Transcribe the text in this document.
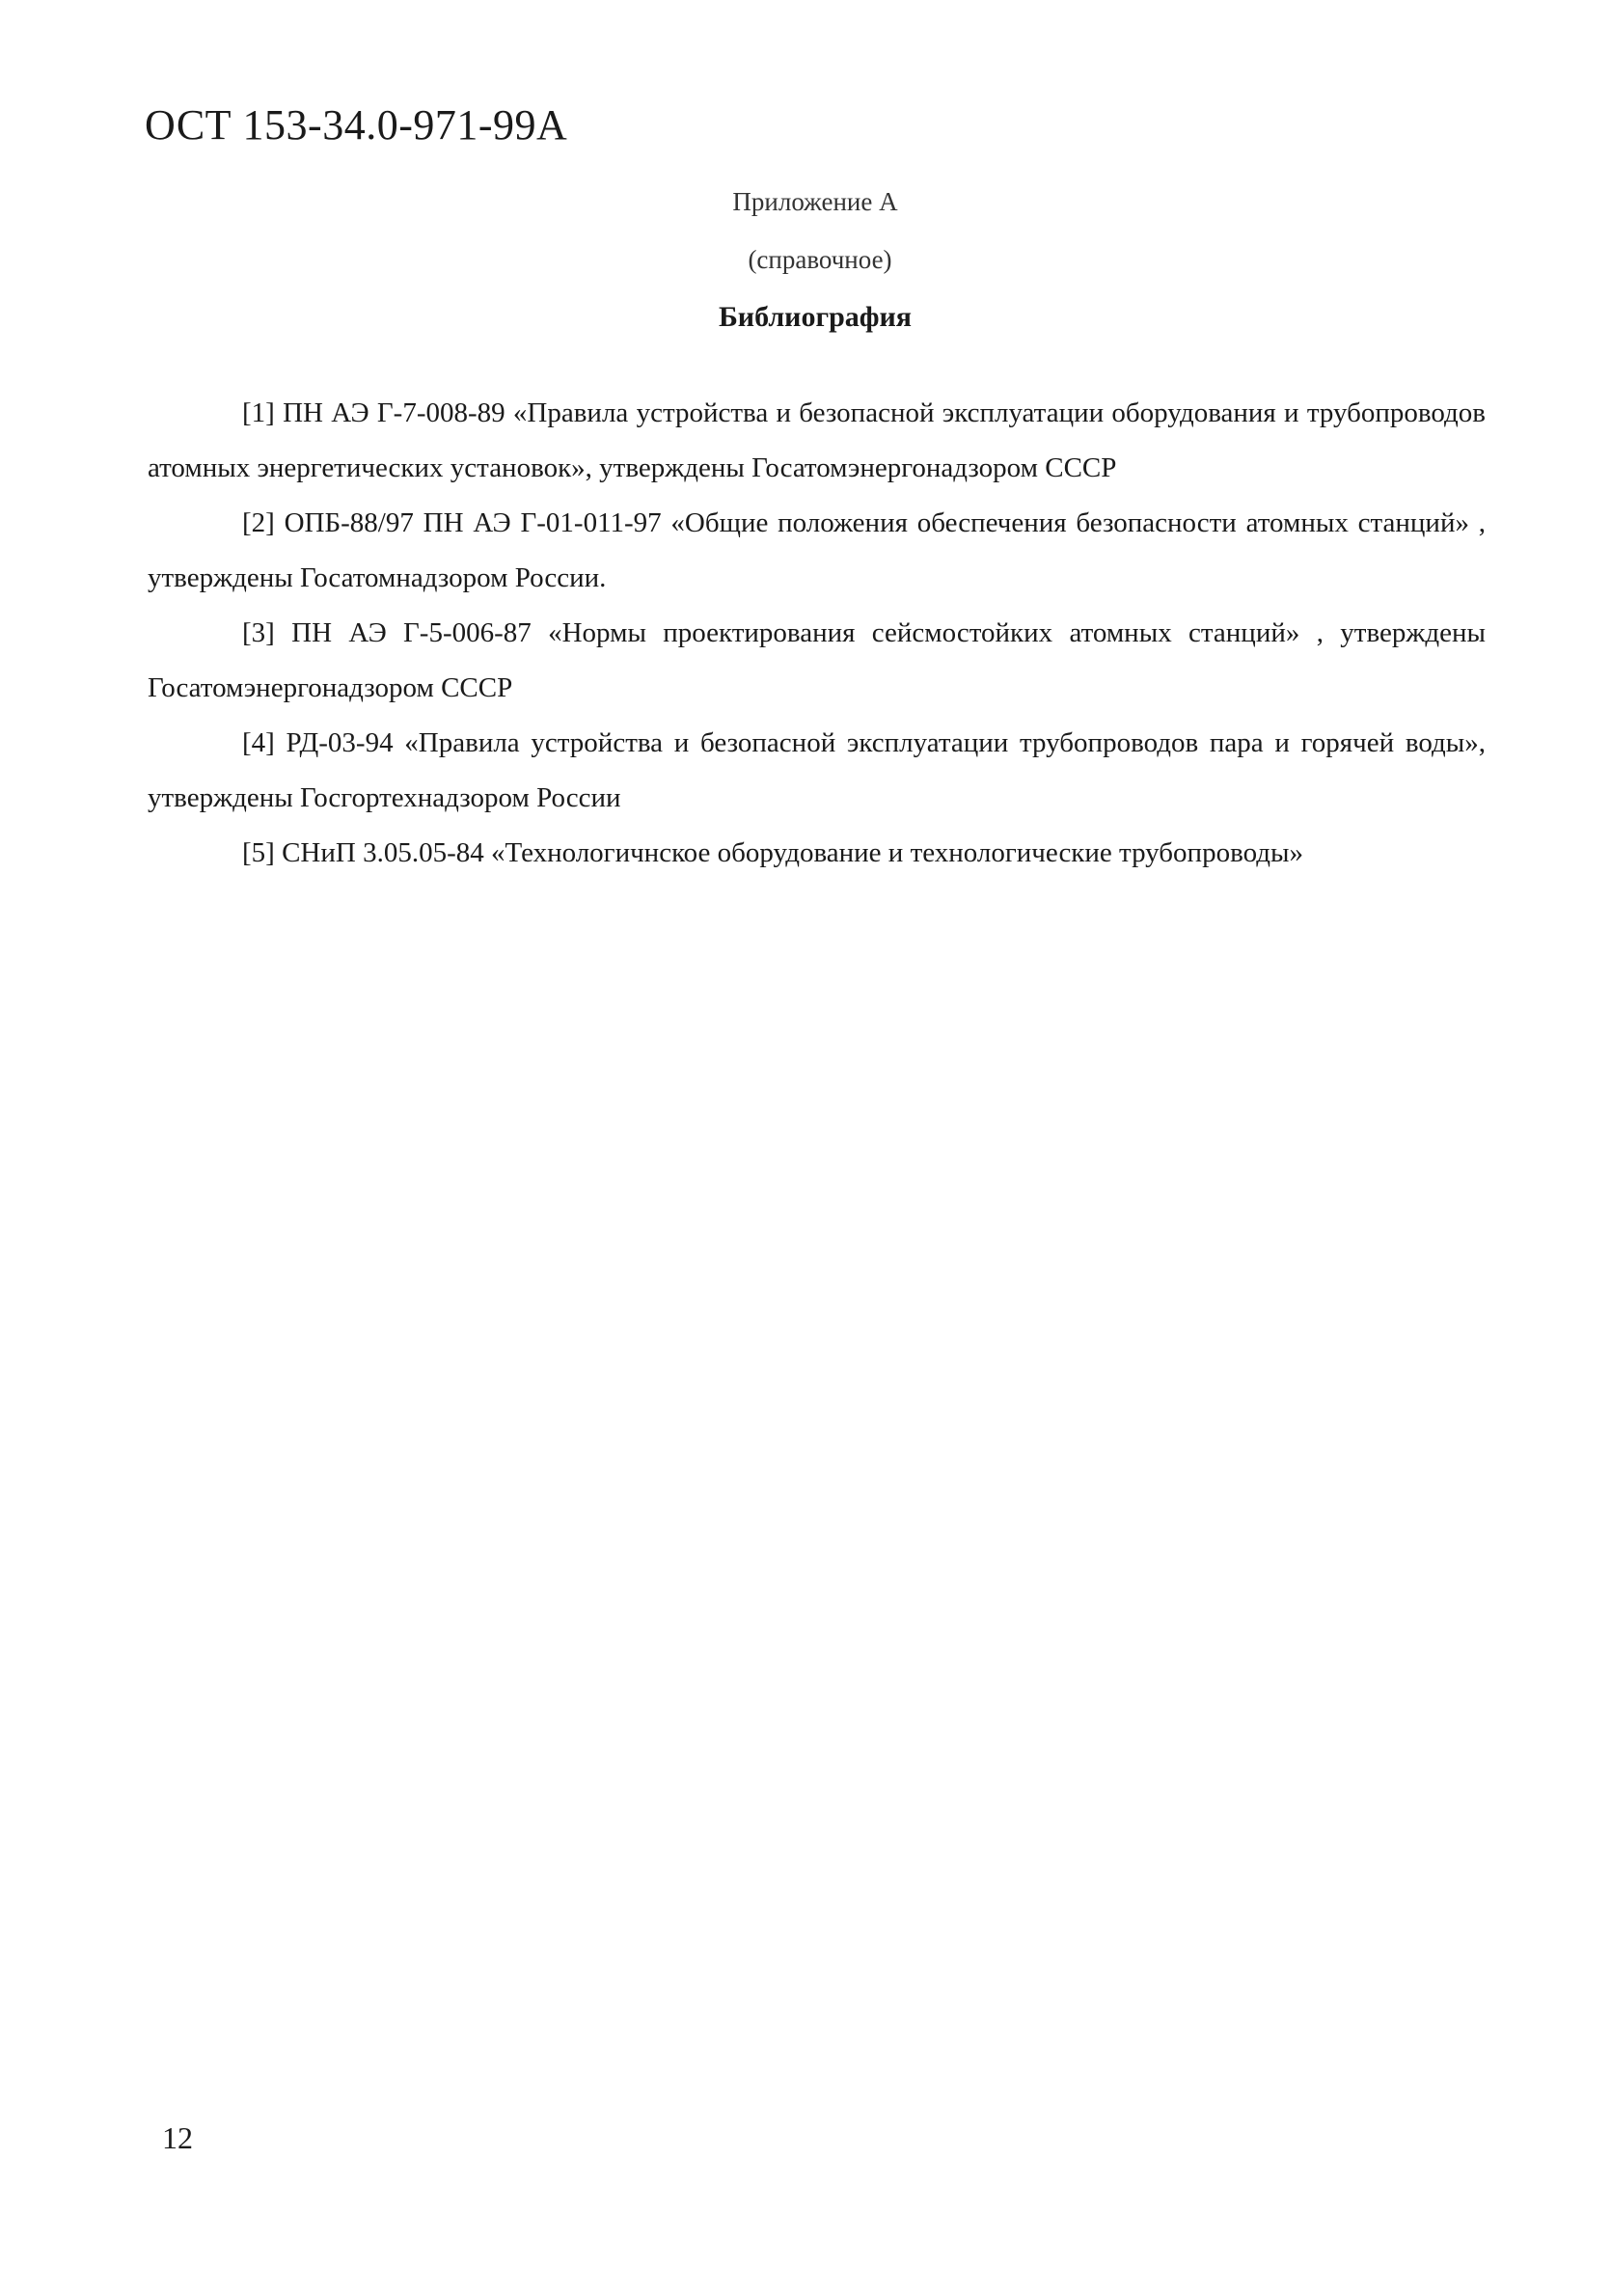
ОСТ 153-34.0-971-99А
Приложение А
(справочное)
Библиография

[1] ПН АЭ Г-7-008-89 «Правила устройства и безопасной эксплуатации оборудования и трубопроводов атомных энергетических установок», утверждены Госатомэнергонадзором СССР

[2] ОПБ-88/97 ПН АЭ Г-01-011-97 «Общие положения обеспечения безопасности атомных станций» , утверждены Госатомнадзором России.

[3] ПН АЭ Г-5-006-87 «Нормы проектирования сейсмостойких атомных станций» , утверждены Госатомэнергонадзором СССР

[4] РД-03-94 «Правила устройства и безопасной эксплуатации трубопроводов пара и горячей воды», утверждены Госгортехнадзором России

[5] СНиП 3.05.05-84 «Технологичнское оборудование и технологические трубопроводы»

12
